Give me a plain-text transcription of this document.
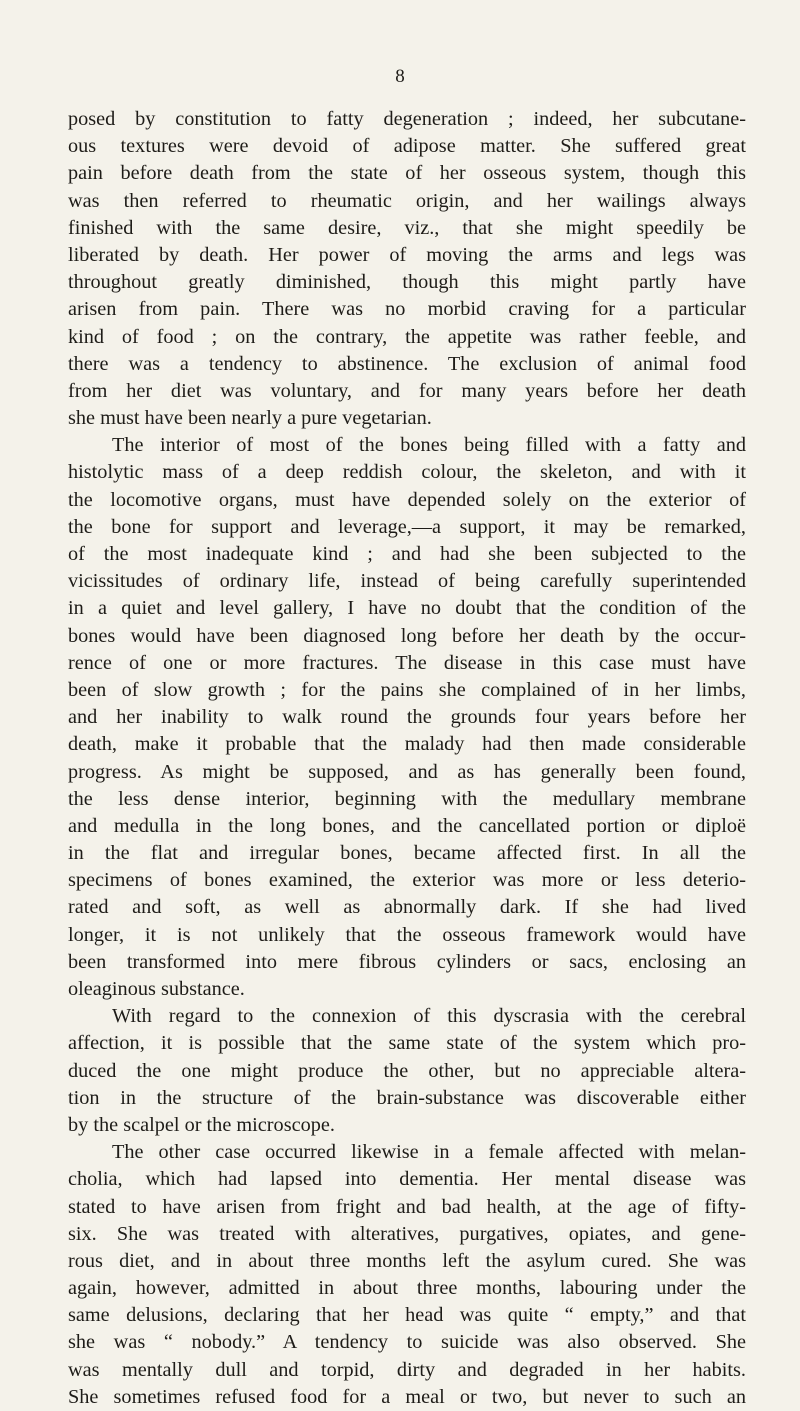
8
posed by constitution to fatty degeneration ; indeed, her subcutane-
ous textures were devoid of adipose matter. She suffered great
pain before death from the state of her osseous system, though this
was then referred to rheumatic origin, and her wailings always
finished with the same desire, viz., that she might speedily be
liberated by death. Her power of moving the arms and legs was
throughout greatly diminished, though this might partly have
arisen from pain. There was no morbid craving for a particular
kind of food ; on the contrary, the appetite was rather feeble, and
there was a tendency to abstinence. The exclusion of animal food
from her diet was voluntary, and for many years before her death
she must have been nearly a pure vegetarian.
The interior of most of the bones being filled with a fatty and
histolytic mass of a deep reddish colour, the skeleton, and with it
the locomotive organs, must have depended solely on the exterior of
the bone for support and leverage,—a support, it may be remarked,
of the most inadequate kind ; and had she been subjected to the
vicissitudes of ordinary life, instead of being carefully superintended
in a quiet and level gallery, I have no doubt that the condition of the
bones would have been diagnosed long before her death by the occur-
rence of one or more fractures. The disease in this case must have
been of slow growth ; for the pains she complained of in her limbs,
and her inability to walk round the grounds four years before her
death, make it probable that the malady had then made considerable
progress. As might be supposed, and as has generally been found,
the less dense interior, beginning with the medullary membrane
and medulla in the long bones, and the cancellated portion or diploë
in the flat and irregular bones, became affected first. In all the
specimens of bones examined, the exterior was more or less deterio-
rated and soft, as well as abnormally dark. If she had lived
longer, it is not unlikely that the osseous framework would have
been transformed into mere fibrous cylinders or sacs, enclosing an
oleaginous substance.
With regard to the connexion of this dyscrasia with the cerebral
affection, it is possible that the same state of the system which pro-
duced the one might produce the other, but no appreciable altera-
tion in the structure of the brain-substance was discoverable either
by the scalpel or the microscope.
The other case occurred likewise in a female affected with melan-
cholia, which had lapsed into dementia. Her mental disease was
stated to have arisen from fright and bad health, at the age of fifty-
six. She was treated with alteratives, purgatives, opiates, and gene-
rous diet, and in about three months left the asylum cured. She was
again, however, admitted in about three months, labouring under the
same delusions, declaring that her head was quite “ empty,” and that
she was “ nobody.” A tendency to suicide was also observed. She
was mentally dull and torpid, dirty and degraded in her habits.
She sometimes refused food for a meal or two, but never to such an
